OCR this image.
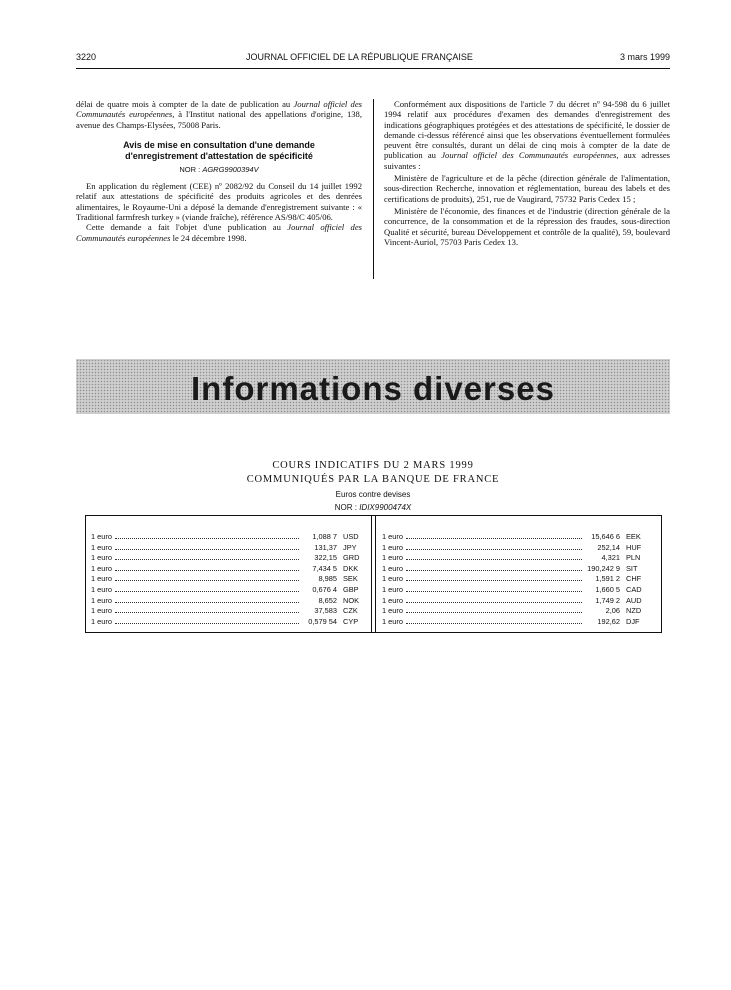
3220	JOURNAL OFFICIEL DE LA RÉPUBLIQUE FRANÇAISE	3 mars 1999

délai de quatre mois à compter de la date de publication au Journal officiel des Communautés européennes, à l'Institut national des appellations d'origine, 138, avenue des Champs-Elysées, 75008 Paris.

Avis de mise en consultation d'une demande
d'enregistrement d'attestation de spécificité
NOR : AGRG9900394V

En application du règlement (CEE) nº 2082/92 du Conseil du 14 juillet 1992 relatif aux attestations de spécificité des produits agricoles et des denrées alimentaires, le Royaume-Uni a déposé la demande d'enregistrement suivante : « Traditional farmfresh turkey » (viande fraîche), référence AS/98/C 405/06.

Cette demande a fait l'objet d'une publication au Journal officiel des Communautés européennes le 24 décembre 1998.

Conformément aux dispositions de l'article 7 du décret nº 94-598 du 6 juillet 1994 relatif aux procédures d'examen des demandes d'enregistrement des indications géographiques protégées et des attestations de spécificité, le dossier de demande ci-dessus référencé ainsi que les observations éventuellement formulées peuvent être consultés, durant un délai de cinq mois à compter de la date de publication au Journal officiel des Communautés européennes, aux adresses suivantes :

Ministère de l'agriculture et de la pêche (direction générale de l'alimentation, sous-direction Recherche, innovation et réglementation, bureau des labels et des certifications de produits), 251, rue de Vaugirard, 75732 Paris Cedex 15 ;

Ministère de l'économie, des finances et de l'industrie (direction générale de la concurrence, de la consommation et de la répression des fraudes, sous-direction Qualité et sécurité, bureau Développement et contrôle de la qualité), 59, boulevard Vincent-Auriol, 75703 Paris Cedex 13.

Informations diverses
COURS INDICATIFS DU 2 MARS 1999
COMMUNIQUÉS PAR LA BANQUE DE FRANCE
Euros contre devises
NOR : IDIX9900474X
1 euro	1,088 7 USD
1 euro	131,37 JPY
1 euro	322,15 GRD
1 euro	7,434 5 DKK
1 euro	8,985 SEK
1 euro	0,676 4 GBP
1 euro	8,652 NOK
1 euro	37,583 CZK
1 euro	0,579 54 CYP
1 euro	15,646 6 EEK
1 euro	252,14 HUF
1 euro	4,321 PLN
1 euro	190,242 9 SIT
1 euro	1,591 2 CHF
1 euro	1,660 5 CAD
1 euro	1,749 2 AUD
1 euro	2,06 NZD
1 euro	192,62 DJF
